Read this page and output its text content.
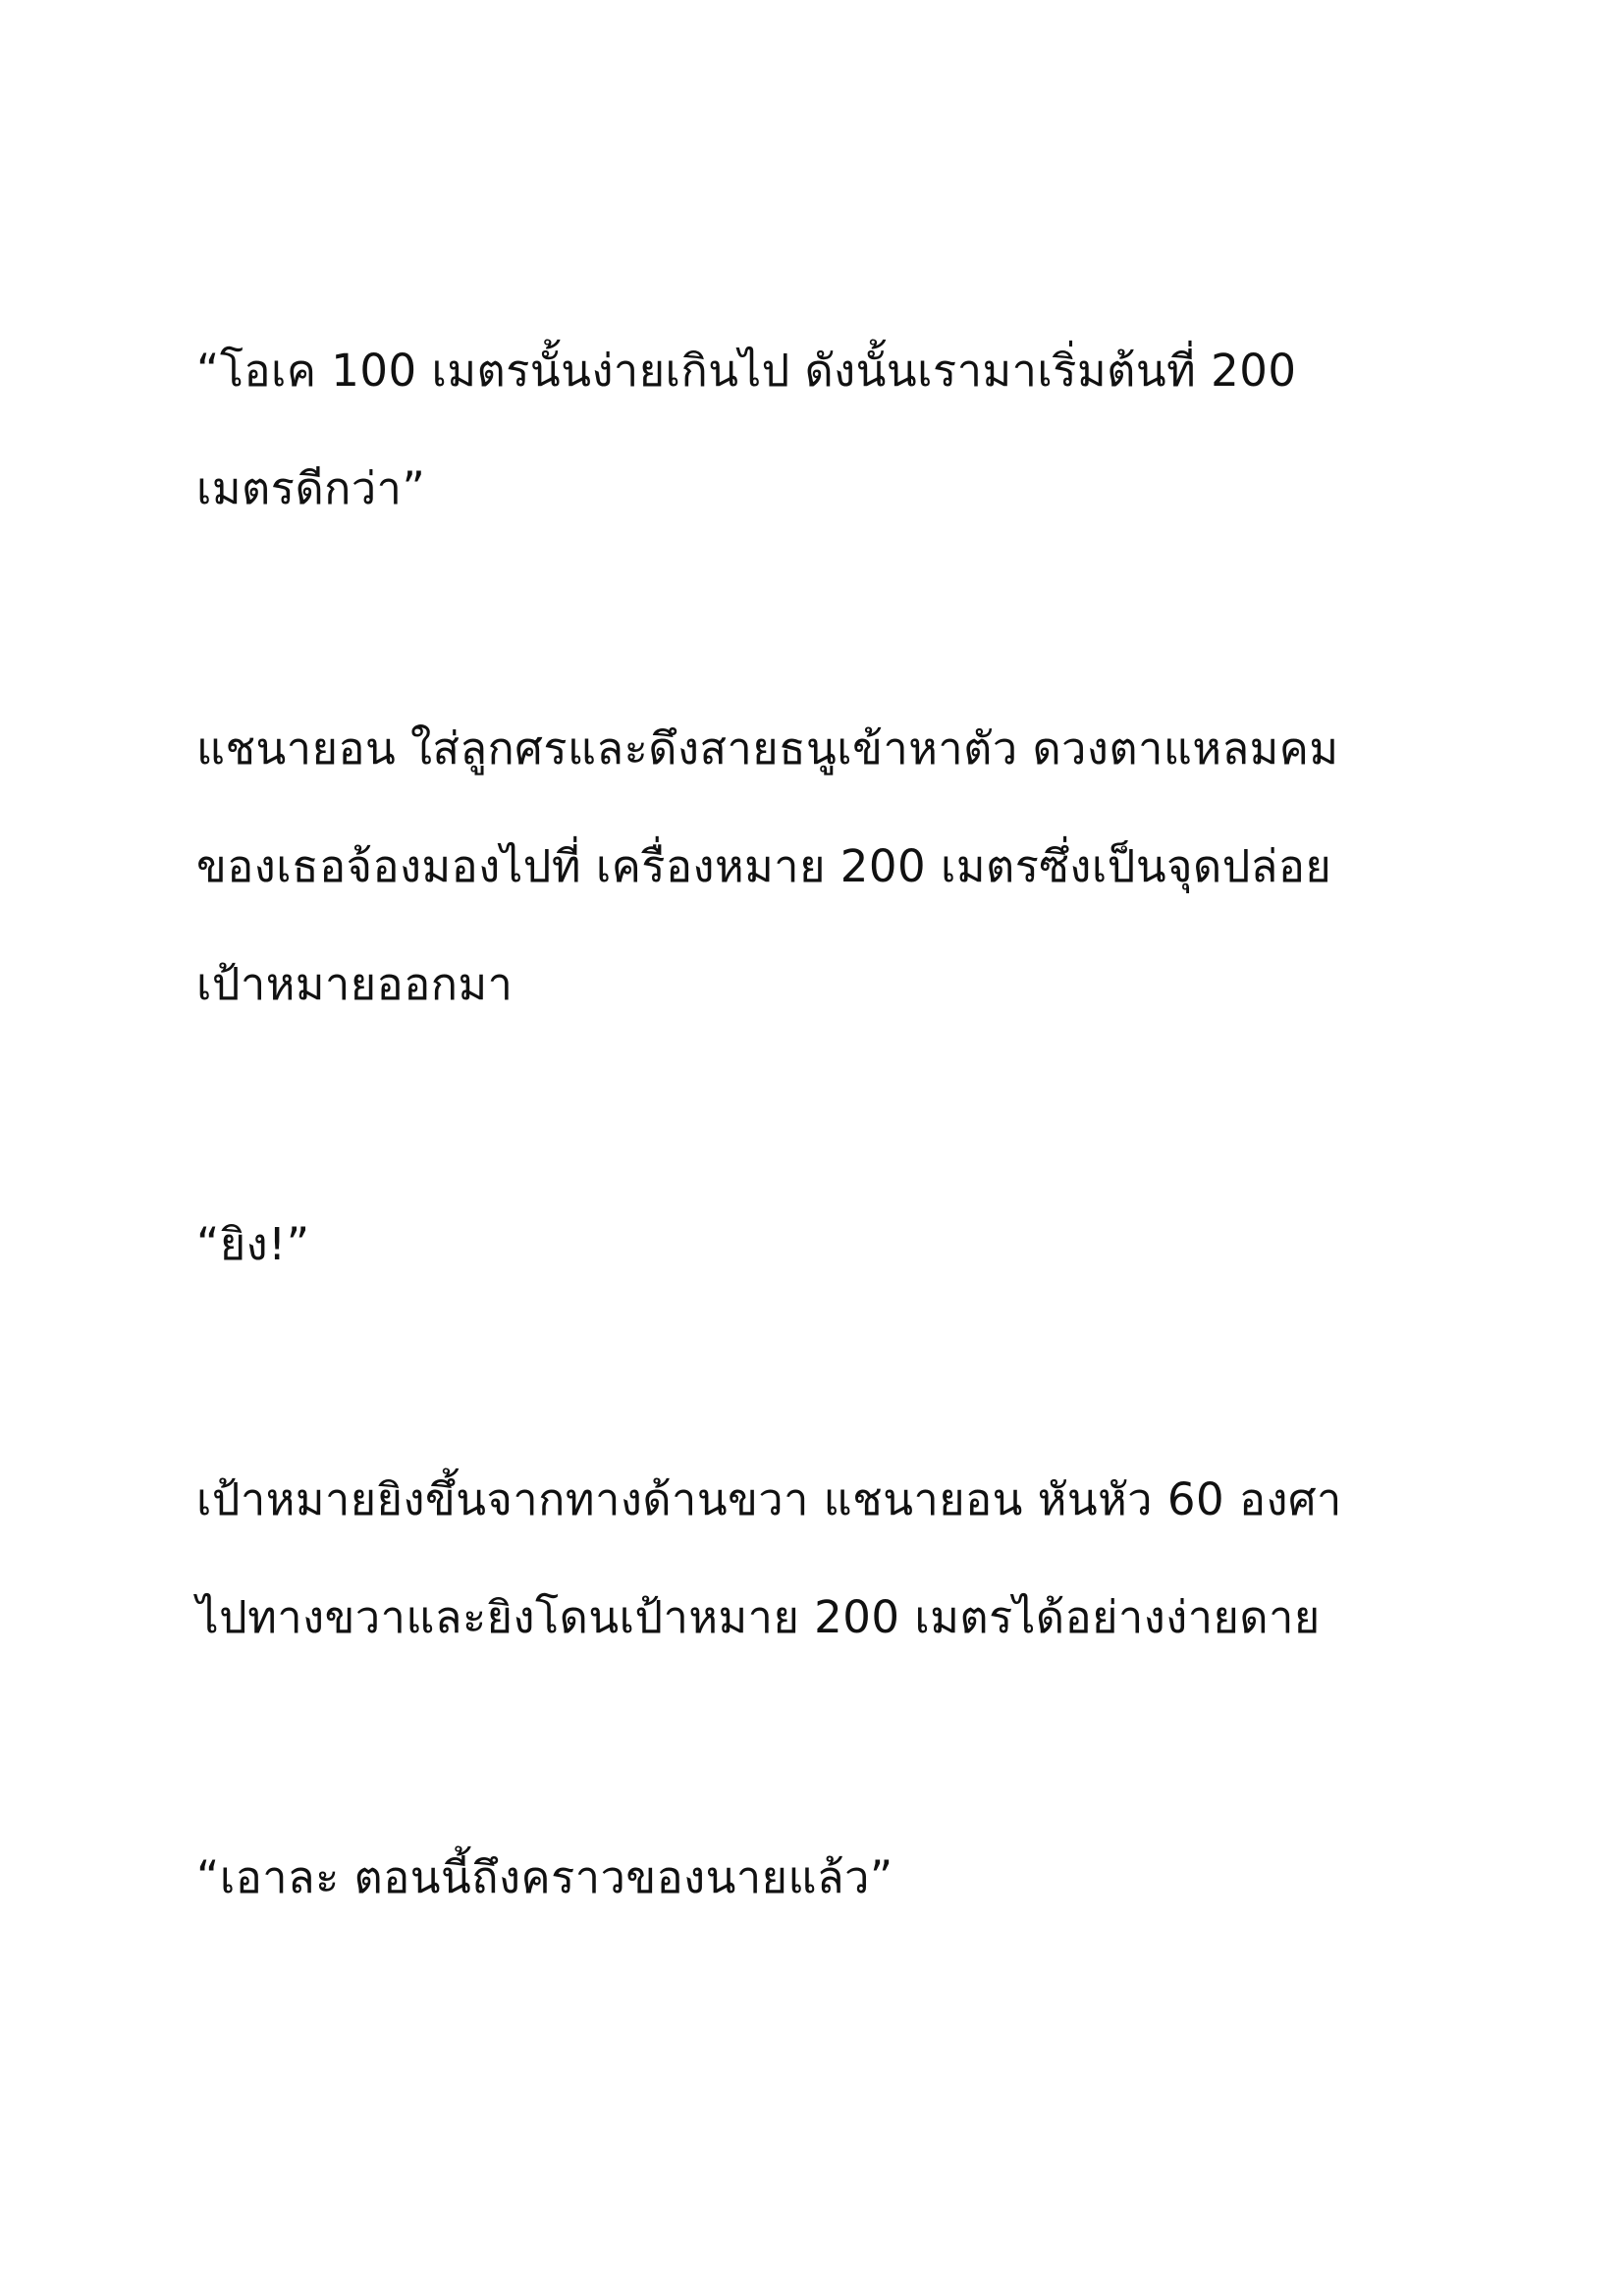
“โอเค 100 เมตรนั้นง่ายเกินไป ดังนั้นเรามาเริ่มต้นที่ 200
เมตรดีกว่า”
แชนายอน ใส่ลูกศรและดึงสายธนูเข้าหาตัว ดวงตาแหลมคม
ของเธอจ้องมองไปที่ เครื่องหมาย 200 เมตรซึ่งเป็นจุดปล่อย
เป้าหมายออกมา
“ยิง!”
เป้าหมายยิงขึ้นจากทางด้านขวา แชนายอน หันหัว 60 องศา
ไปทางขวาและยิงโดนเป้าหมาย 200 เมตรได้อย่างง่ายดาย
“เอาละ ตอนนี้ถึงคราวของนายแล้ว”
